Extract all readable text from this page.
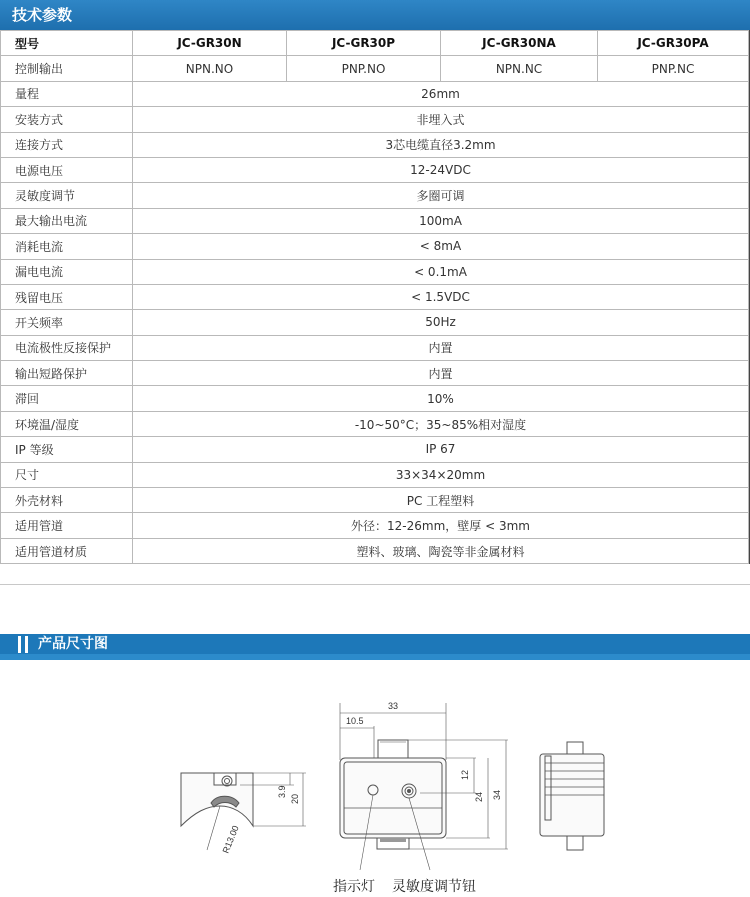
技术参数
型号	JC-GR30N	JC-GR30P	JC-GR30NA	JC-GR30PA	
控制输出	NPN.NO	PNP.NO	NPN.NC	PNP.NC	
量程	26mm				
安装方式	非埋入式				
连接方式	3芯电缆直径3.2mm				
电源电压	12-24VDC				
灵敏度调节	多圈可调				
最大输出电流	100mA				
消耗电流	< 8mA				
漏电电流	< 0.1mA				
残留电压	< 1.5VDC				
开关频率	50Hz				
电流极性反接保护	内置				
输出短路保护	内置				
滞回	10%				
环境温/湿度	-10~50°C；35~85%相对湿度				
IP 等级	IP 67				
尺寸	33×34×20mm				
外壳材料	PC 工程塑料				
适用管道	外径：12-26mm，壁厚 < 3mm				
适用管道材质	塑料、玻璃、陶瓷等非金属材料				
产品尺寸图
3.9
20
R13.00
33
10.5
12
24 34
指示灯 灵敏度调节钮
